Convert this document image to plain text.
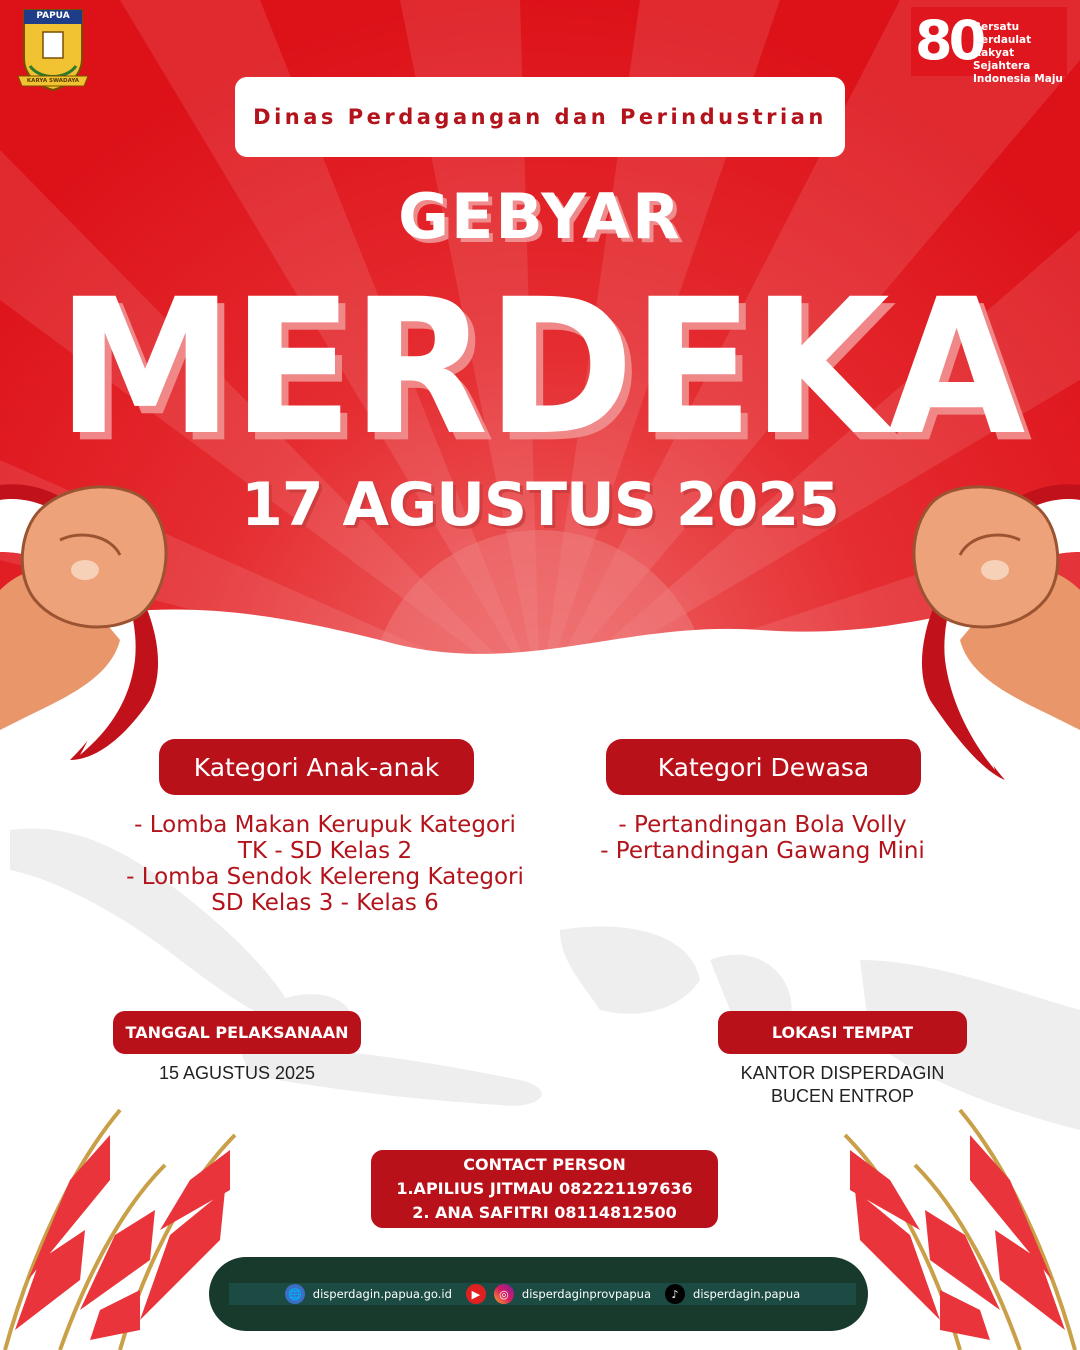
PAPUA
KARYA SWADAYA
80
Bersatu Berdaulat
Rakyat Sejahtera
Indonesia Maju
Dinas Perdagangan dan Perindustrian
GEBYAR
MERDEKA
17 AGUSTUS 2025
Kategori Anak-anak
- Lomba Makan Kerupuk Kategori
TK - SD Kelas 2
- Lomba Sendok Kelereng Kategori
SD Kelas 3 - Kelas 6
Kategori Dewasa
- Pertandingan Bola Volly
- Pertandingan Gawang Mini
TANGGAL PELAKSANAAN
15 AGUSTUS 2025
LOKASI TEMPAT
KANTOR DISPERDAGIN
BUCEN ENTROP
CONTACT PERSON
1.APILIUS JITMAU 082221197636
2. ANA SAFITRI 08114812500
🌐 disperdagin.papua.go.id	▶	◎	disperdaginprovpapua	♪	disperdagin.papua
